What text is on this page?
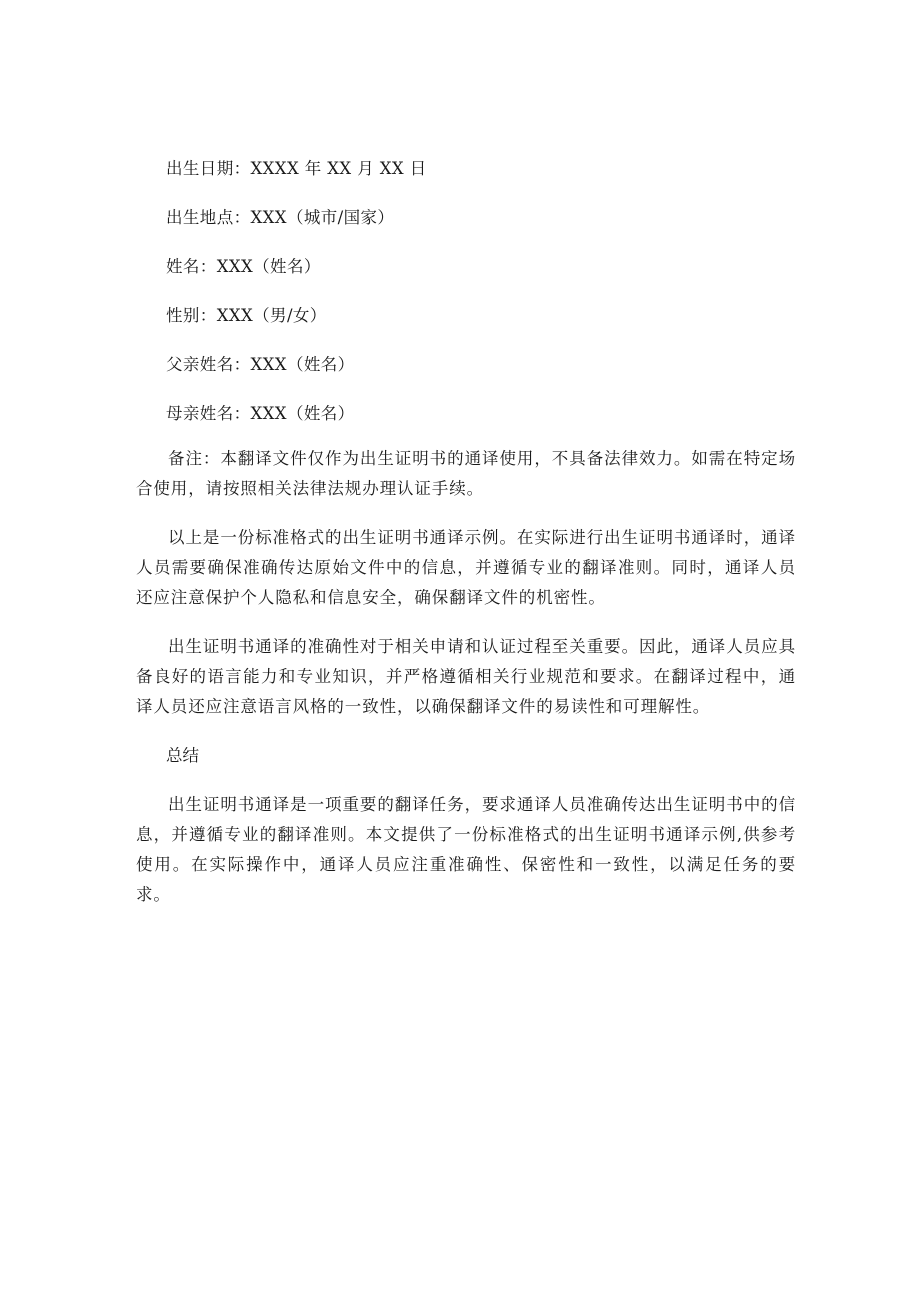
出生日期：XXXX 年 XX 月 XX 日

出生地点：XXX（城市/国家）

姓名：XXX（姓名）

性别：XXX（男/女）

父亲姓名：XXX（姓名）

母亲姓名：XXX（姓名）

备注：本翻译文件仅作为出生证明书的通译使用，不具备法律效力。如需在特定场合使用，请按照相关法律法规办理认证手续。

以上是一份标准格式的出生证明书通译示例。在实际进行出生证明书通译时，通译人员需要确保准确传达原始文件中的信息，并遵循专业的翻译准则。同时，通译人员还应注意保护个人隐私和信息安全，确保翻译文件的机密性。

出生证明书通译的准确性对于相关申请和认证过程至关重要。因此，通译人员应具备良好的语言能力和专业知识，并严格遵循相关行业规范和要求。在翻译过程中，通译人员还应注意语言风格的一致性，以确保翻译文件的易读性和可理解性。

总结

出生证明书通译是一项重要的翻译任务，要求通译人员准确传达出生证明书中的信息，并遵循专业的翻译准则。本文提供了一份标准格式的出生证明书通译示例,供参考使用。在实际操作中，通译人员应注重准确性、保密性和一致性，以满足任务的要求。
